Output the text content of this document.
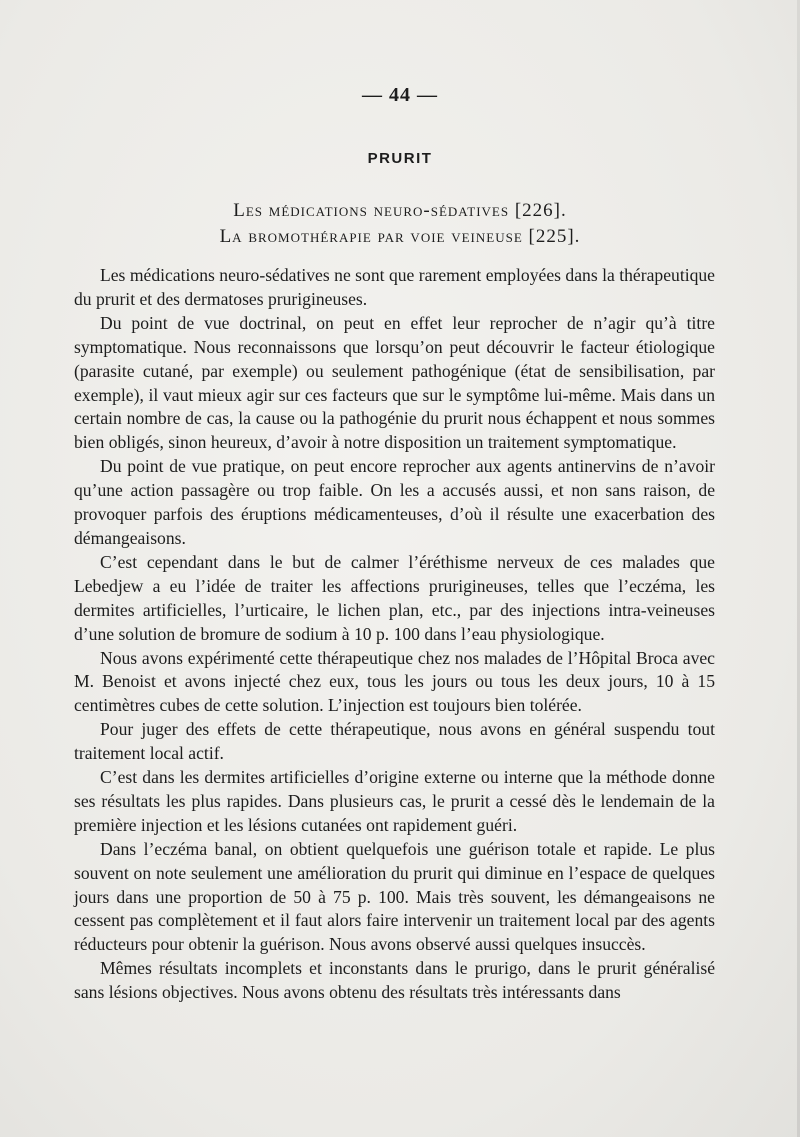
— 44 —
PRURIT
Les médications neuro-sédatives [226].
La bromothérapie par voie veineuse [225].

Les médications neuro-sédatives ne sont que rarement employées dans la thérapeutique du prurit et des dermatoses prurigineuses.

Du point de vue doctrinal, on peut en effet leur reprocher de n’agir qu’à titre symptomatique. Nous reconnaissons que lorsqu’on peut découvrir le facteur étiologique (parasite cutané, par exemple) ou seulement pathogénique (état de sensibilisation, par exemple), il vaut mieux agir sur ces facteurs que sur le symptôme lui-même. Mais dans un certain nombre de cas, la cause ou la pathogénie du prurit nous échappent et nous sommes bien obligés, sinon heureux, d’avoir à notre disposition un traitement symptomatique.

Du point de vue pratique, on peut encore reprocher aux agents antinervins de n’avoir qu’une action passagère ou trop faible. On les a accusés aussi, et non sans raison, de provoquer parfois des éruptions médicamenteuses, d’où il résulte une exacerbation des démangeaisons.

C’est cependant dans le but de calmer l’éréthisme nerveux de ces malades que Lebedjew a eu l’idée de traiter les affections prurigineuses, telles que l’eczéma, les dermites artificielles, l’urticaire, le lichen plan, etc., par des injections intra-veineuses d’une solution de bromure de sodium à 10 p. 100 dans l’eau physiologique.

Nous avons expérimenté cette thérapeutique chez nos malades de l’Hôpital Broca avec M. Benoist et avons injecté chez eux, tous les jours ou tous les deux jours, 10 à 15 centimètres cubes de cette solution. L’injection est toujours bien tolérée.

Pour juger des effets de cette thérapeutique, nous avons en général suspendu tout traitement local actif.

C’est dans les dermites artificielles d’origine externe ou interne que la méthode donne ses résultats les plus rapides. Dans plusieurs cas, le prurit a cessé dès le lendemain de la première injection et les lésions cutanées ont rapidement guéri.

Dans l’eczéma banal, on obtient quelquefois une guérison totale et rapide. Le plus souvent on note seulement une amélioration du prurit qui diminue en l’espace de quelques jours dans une proportion de 50 à 75 p. 100. Mais très souvent, les démangeaisons ne cessent pas complètement et il faut alors faire intervenir un traitement local par des agents réducteurs pour obtenir la guérison. Nous avons observé aussi quelques insuccès.

Mêmes résultats incomplets et inconstants dans le prurigo, dans le prurit généralisé sans lésions objectives. Nous avons obtenu des résultats très intéressants dans
